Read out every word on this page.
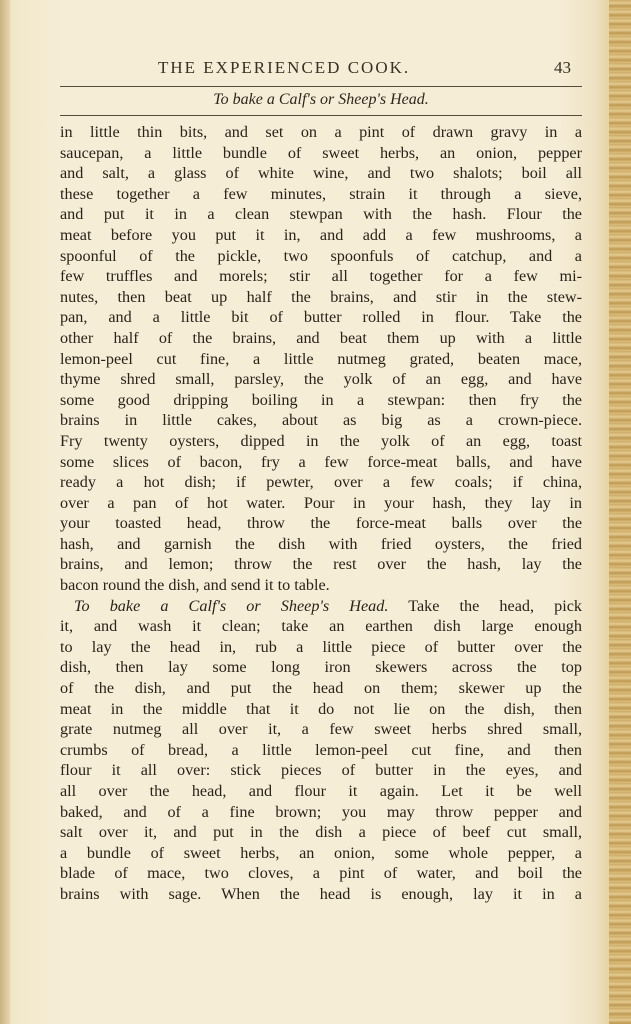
THE EXPERIENCED COOK.	43
To bake a Calf's or Sheep's Head.
in little thin bits, and set on a pint of drawn gravy in a
saucepan, a little bundle of sweet herbs, an onion, pepper
and salt, a glass of white wine, and two shalots; boil all
these together a few minutes, strain it through a sieve,
and put it in a clean stewpan with the hash. Flour the
meat before you put it in, and add a few mushrooms, a
spoonful of the pickle, two spoonfuls of catchup, and a
few truffles and morels; stir all together for a few mi-
nutes, then beat up half the brains, and stir in the stew-
pan, and a little bit of butter rolled in flour. Take the
other half of the brains, and beat them up with a little
lemon-peel cut fine, a little nutmeg grated, beaten mace,
thyme shred small, parsley, the yolk of an egg, and have
some good dripping boiling in a stewpan: then fry the
brains in little cakes, about as big as a crown-piece.
Fry twenty oysters, dipped in the yolk of an egg, toast
some slices of bacon, fry a few force-meat balls, and have
ready a hot dish; if pewter, over a few coals; if china,
over a pan of hot water. Pour in your hash, they lay in
your toasted head, throw the force-meat balls over the
hash, and garnish the dish with fried oysters, the fried
brains, and lemon; throw the rest over the hash, lay the
bacon round the dish, and send it to table.
To bake a Calf's or Sheep's Head. Take the head, pick
it, and wash it clean; take an earthen dish large enough
to lay the head in, rub a little piece of butter over the
dish, then lay some long iron skewers across the top
of the dish, and put the head on them; skewer up the
meat in the middle that it do not lie on the dish, then
grate nutmeg all over it, a few sweet herbs shred small,
crumbs of bread, a little lemon-peel cut fine, and then
flour it all over: stick pieces of butter in the eyes, and
all over the head, and flour it again. Let it be well
baked, and of a fine brown; you may throw pepper and
salt over it, and put in the dish a piece of beef cut small,
a bundle of sweet herbs, an onion, some whole pepper, a
blade of mace, two cloves, a pint of water, and boil the
brains with sage. When the head is enough, lay it in a
